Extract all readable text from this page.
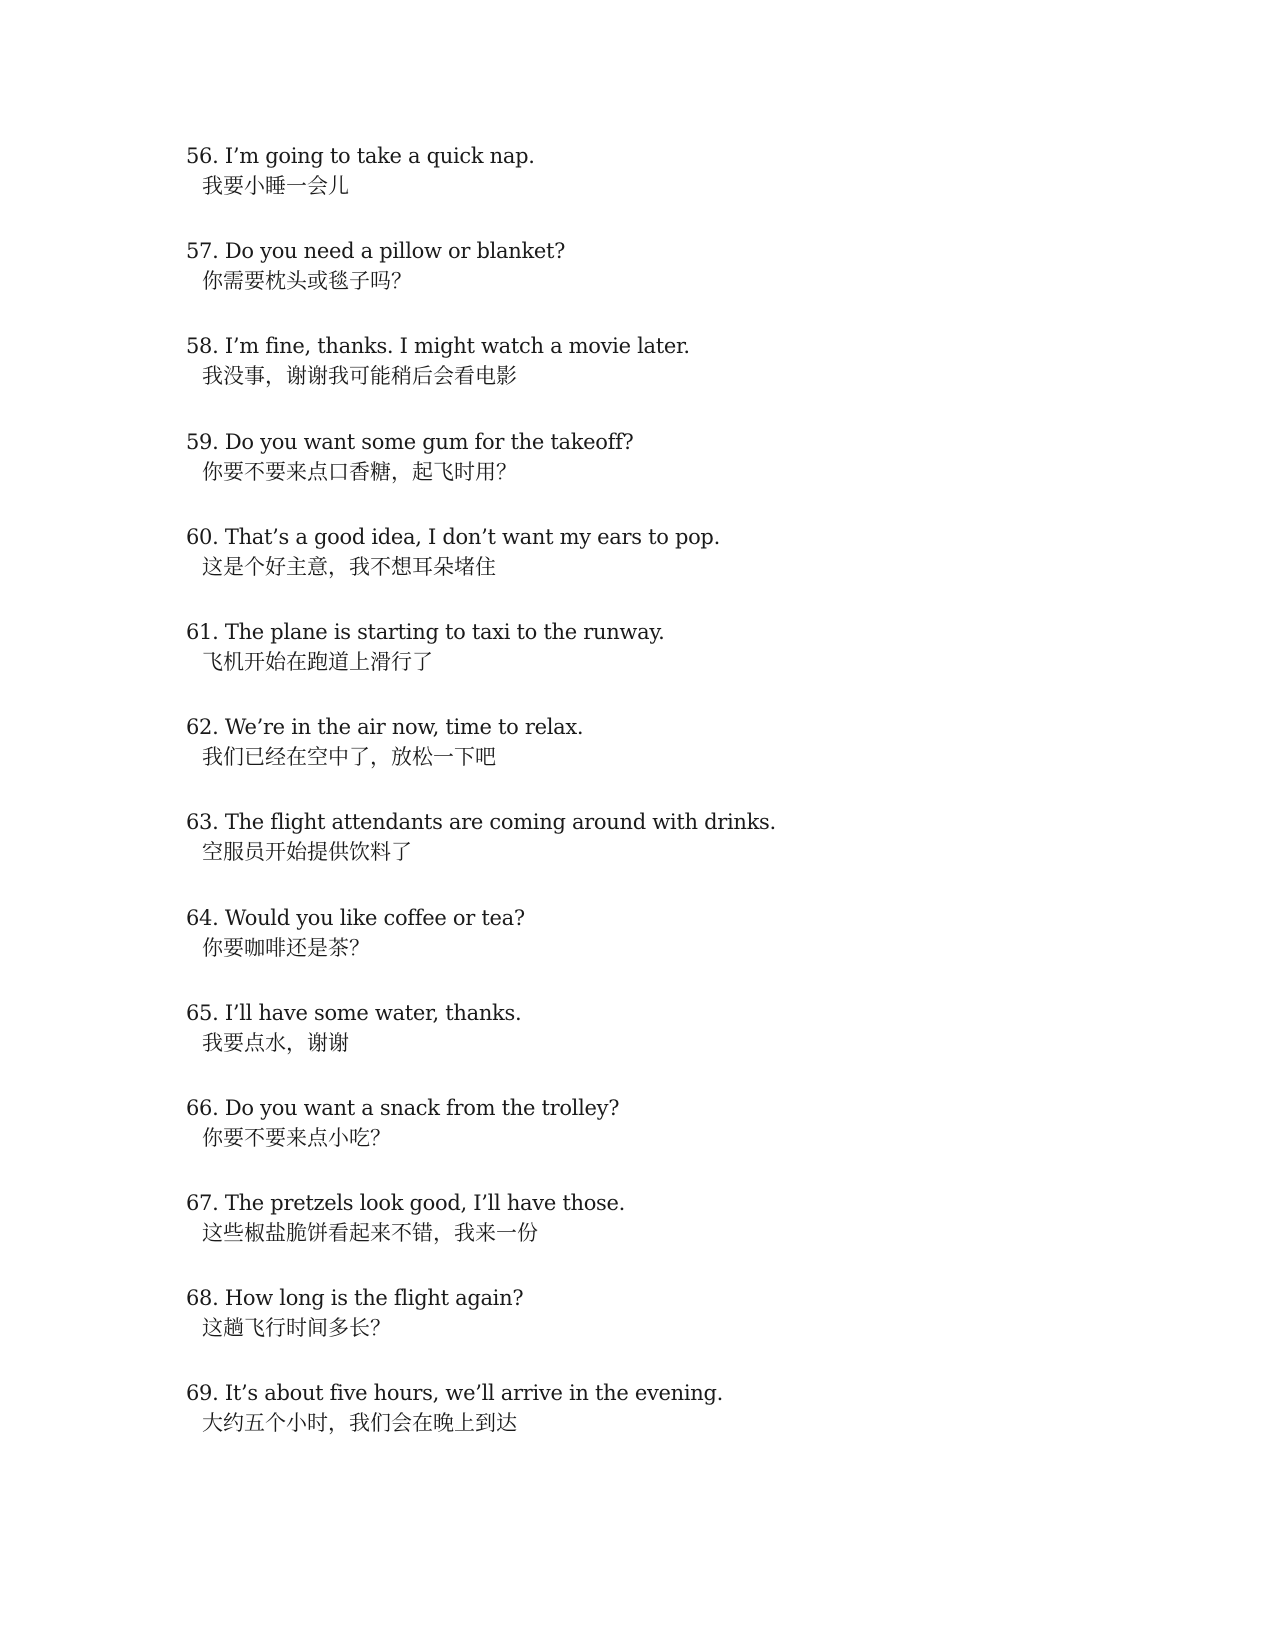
56. I’m going to take a quick nap.
我要小睡一会儿
57. Do you need a pillow or blanket?
你需要枕头或毯子吗？
58. I’m fine, thanks. I might watch a movie later.
我没事，谢谢我可能稍后会看电影
59. Do you want some gum for the takeoff?
你要不要来点口香糖，起飞时用？
60. That’s a good idea, I don’t want my ears to pop.
这是个好主意，我不想耳朵堵住
61. The plane is starting to taxi to the runway.
飞机开始在跑道上滑行了
62. We’re in the air now, time to relax.
我们已经在空中了，放松一下吧
63. The flight attendants are coming around with drinks.
空服员开始提供饮料了
64. Would you like coffee or tea?
你要咖啡还是茶？
65. I’ll have some water, thanks.
我要点水，谢谢
66. Do you want a snack from the trolley?
你要不要来点小吃？
67. The pretzels look good, I’ll have those.
这些椒盐脆饼看起来不错，我来一份
68. How long is the flight again?
这趟飞行时间多长？
69. It’s about five hours, we’ll arrive in the evening.
大约五个小时，我们会在晚上到达
